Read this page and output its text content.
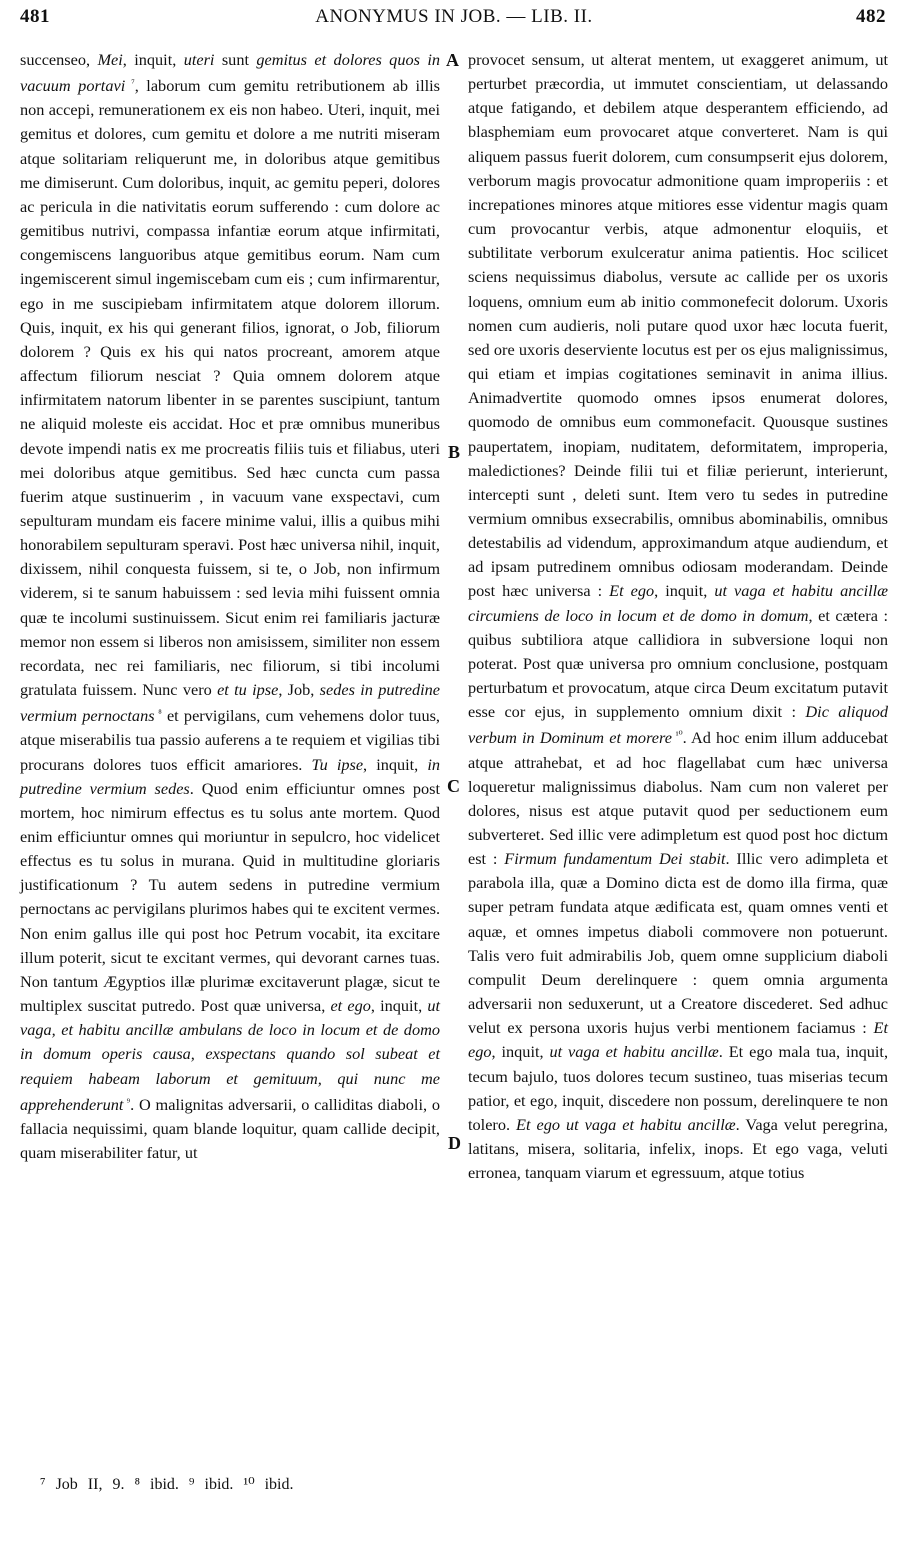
481	ANONYMUS IN JOB. — LIB. II.	482

succenseo, Mei, inquit, uteri sunt gemitus et dolores quos in vacuum portavi $^{^7}$, laborum cum gemitu retributionem ab illis non accepi, remunerationem ex eis non habeo. Uteri, inquit, mei gemitus et dolores, cum gemitu et dolore a me nutriti miseram atque solitariam reliquerunt me, in doloribus atque gemitibus me dimiserunt. Cum doloribus, inquit, ac gemitu peperi, dolores ac pericula in die nativitatis eorum sufferendo : cum dolore ac gemitibus nutrivi, compassa infantiæ eorum atque infirmitati, congemiscens languoribus atque gemitibus eorum. Nam cum ingemiscerent simul ingemiscebam cum eis ; cum infirmarentur, ego in me suscipiebam infirmitatem atque dolorem illorum. Quis, inquit, ex his qui generant filios, ignorat, o Job, filiorum dolorem ? Quis ex his qui natos procreant, amorem atque affectum filiorum nesciat ? Quia omnem dolorem atque infirmitatem natorum libenter in se parentes suscipiunt, tantum ne aliquid moleste eis accidat. Hoc et præ omnibus muneribus devote impendi natis ex me procreatis filiis tuis et filiabus, uteri mei doloribus atque gemitibus. Sed hæc cuncta cum passa fuerim atque sustinuerim , in vacuum vane exspectavi, cum sepulturam mundam eis facere minime valui, illis a quibus mihi honorabilem sepulturam speravi. Post hæc universa nihil, inquit, dixissem, nihil conquesta fuissem, si te, o Job, non infirmum viderem, si te sanum habuissem : sed levia mihi fuissent omnia quæ te incolumi sustinuissem. Sicut enim rei familiaris jacturæ memor non essem si liberos non amisissem, similiter non essem recordata, nec rei familiaris, nec filiorum, si tibi incolumi gratulata fuissem. Nunc vero et tu ipse, Job, sedes in putredine vermium pernoctans $^{^8}$ et pervigilans, cum vehemens dolor tuus, atque miserabilis tua passio auferens a te requiem et vigilias tibi procurans dolores tuos efficit amariores. Tu ipse, inquit, in putredine vermium sedes. Quod enim efficiuntur omnes post mortem, hoc nimirum effectus es tu solus ante mortem. Quod enim efficiuntur omnes qui moriuntur in sepulcro, hoc videlicet effectus es tu solus in murana. Quid in multitudine gloriaris justificationum ? Tu autem sedens in putredine vermium pernoctans ac pervigilans plurimos habes qui te excitent vermes. Non enim gallus ille qui post hoc Petrum vocabit, ita excitare illum poterit, sicut te excitant vermes, qui devorant carnes tuas. Non tantum Ægyptios illæ plurimæ excitaverunt plagæ, sicut te multiplex suscitat putredo. Post quæ universa, et ego, inquit, ut vaga, et habitu ancillæ ambulans de loco in locum et de domo in domum operis causa, exspectans quando sol subeat et requiem habeam laborum et gemituum, qui nunc me apprehenderunt $^{^9}$. O malignitas adversarii, o calliditas diaboli, o fallacia nequissimi, quam blande loquitur, quam callide decipit, quam miserabiliter fatur, ut

provocet sensum, ut alterat mentem, ut exaggeret animum, ut perturbet præcordia, ut immutet conscientiam, ut delassando atque fatigando, et debilem atque desperantem efficiendo, ad blasphemiam eum provocaret atque converteret. Nam is qui aliquem passus fuerit dolorem, cum consumpserit ejus dolorem, verborum magis provocatur admonitione quam improperiis : et increpationes minores atque mitiores esse videntur magis quam cum provocantur verbis, atque admonentur eloquiis, et subtilitate verborum exulceratur anima patientis. Hoc scilicet sciens nequissimus diabolus, versute ac callide per os uxoris loquens, omnium eum ab initio commonefecit dolorum. Uxoris nomen cum audieris, noli putare quod uxor hæc locuta fuerit, sed ore uxoris deserviente locutus est per os ejus malignissimus, qui etiam et impias cogitationes seminavit in anima illius. Animadvertite quomodo omnes ipsos enumerat dolores, quomodo de omnibus eum commonefacit. Quousque sustines paupertatem, inopiam, nuditatem, deformitatem, improperia, maledictiones? Deinde filii tui et filiæ perierunt, interierunt, intercepti sunt , deleti sunt. Item vero tu sedes in putredine vermium omnibus exsecrabilis, omnibus abominabilis, omnibus detestabilis ad videndum, approximandum atque audiendum, et ad ipsam putredinem omnibus odiosam moderandam. Deinde post hæc universa : Et ego, inquit, ut vaga et habitu ancillæ circumiens de loco in locum et de domo in domum, et cætera : quibus subtiliora atque callidiora in subversione loqui non poterat. Post quæ universa pro omnium conclusione, postquam perturbatum et provocatum, atque circa Deum excitatum putavit esse cor ejus, in supplemento omnium dixit : Dic aliquod verbum in Dominum et morere $^{^{10}}$. Ad hoc enim illum adducebat atque attrahebat, et ad hoc flagellabat cum hæc universa loqueretur malignissimus diabolus. Nam cum non valeret per dolores, nisus est atque putavit quod per seductionem eum subverteret. Sed illic vere adimpletum est quod post hoc dictum est : Firmum fundamentum Dei stabit. Illic vero adimpleta et parabola illa, quæ a Domino dicta est de domo illa firma, quæ super petram fundata atque ædificata est, quam omnes venti et aquæ, et omnes impetus diaboli commovere non potuerunt. Talis vero fuit admirabilis Job, quem omne supplicium diaboli compulit Deum derelinquere : quem omnia argumenta adversarii non seduxerunt, ut a Creatore discederet. Sed adhuc velut ex persona uxoris hujus verbi mentionem faciamus : Et ego, inquit, ut vaga et habitu ancillæ. Et ego mala tua, inquit, tecum bajulo, tuos dolores tecum sustineo, tuas miserias tecum patior, et ego, inquit, discedere non possum, derelinquere te non tolero. Et ego ut vaga et habitu ancillæ. Vaga velut peregrina, latitans, misera, solitaria, infelix, inops. Et ego vaga, veluti erronea, tanquam viarum et egressuum, atque totius

A
B
C
D
⁷ Job II, 9. ⁸ ibid. ⁹ ibid. ¹⁰ ibid.
